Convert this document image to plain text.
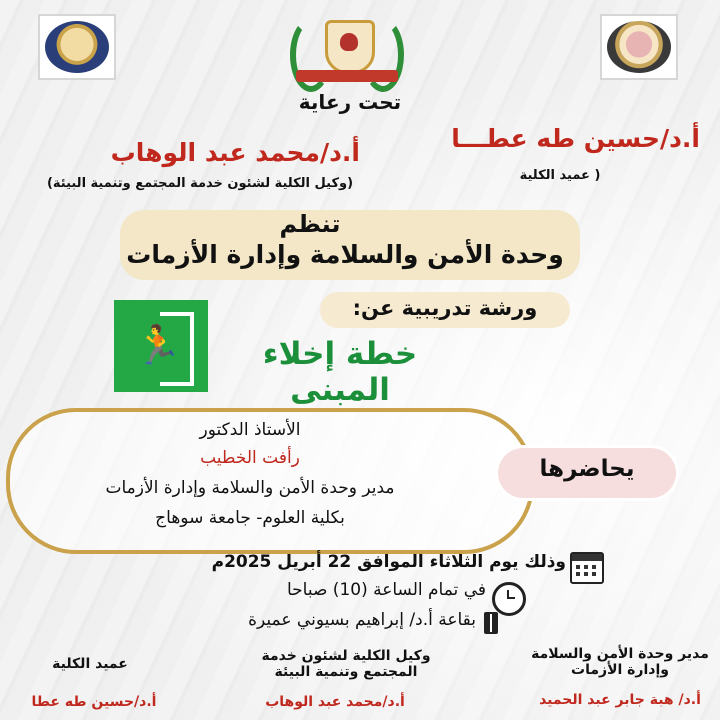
تحت رعاية
أ.د/حسين طه عطـــا
( عميد الكلية
أ.د/محمد عبد الوهاب
(وكيل الكلية لشئون خدمة المجتمع وتنمية البيئة)
تنظم
وحدة الأمن والسلامة وإدارة الأزمات
ورشة تدريبية عن:
🏃	خطة إخلاء المبنى
الأستاذ الدكتور
رأفت الخطيب
مدير وحدة الأمن والسلامة وإدارة الأزمات
بكلية العلوم- جامعة سوهاج
يحاضرها
وذلك يوم الثلاثاء الموافق 22 أبريل 2025م
في تمام الساعة (10) صباحا
بقاعة أ.د/ إبراهيم بسيوني عميرة
مدير وحدة الأمن والسلامة وإدارة الأزمات
أ.د/ هبة جابر عبد الحميد
وكيل الكلية لشئون خدمة المجتمع وتنمية البيئة
أ.د/محمد عبد الوهاب
عميد الكلية
أ.د/حسين طه عطا
